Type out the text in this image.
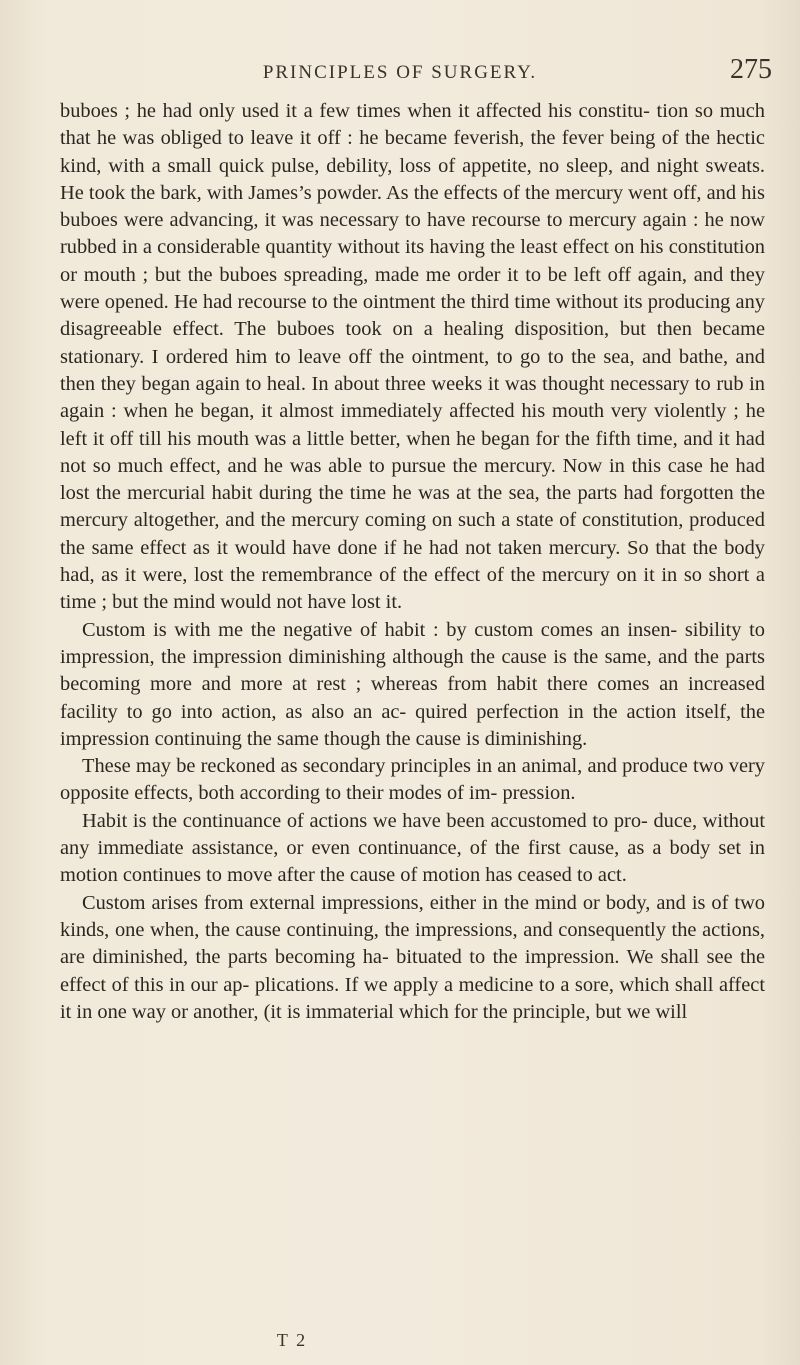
PRINCIPLES OF SURGERY.	275

buboes ; he had only used it a few times when it affected his constitu- tion so much that he was obliged to leave it off : he became feverish, the fever being of the hectic kind, with a small quick pulse, debility, loss of appetite, no sleep, and night sweats. He took the bark, with James’s powder. As the effects of the mercury went off, and his buboes were advancing, it was necessary to have recourse to mercury again : he now rubbed in a considerable quantity without its having the least effect on his constitution or mouth ; but the buboes spreading, made me order it to be left off again, and they were opened. He had recourse to the ointment the third time without its producing any disagreeable effect. The buboes took on a healing disposition, but then became stationary. I ordered him to leave off the ointment, to go to the sea, and bathe, and then they began again to heal. In about three weeks it was thought necessary to rub in again : when he began, it almost immediately affected his mouth very violently ; he left it off till his mouth was a little better, when he began for the fifth time, and it had not so much effect, and he was able to pursue the mercury. Now in this case he had lost the mercurial habit during the time he was at the sea, the parts had forgotten the mercury altogether, and the mercury coming on such a state of constitution, produced the same effect as it would have done if he had not taken mercury. So that the body had, as it were, lost the remembrance of the effect of the mercury on it in so short a time ; but the mind would not have lost it.

Custom is with me the negative of habit : by custom comes an insen- sibility to impression, the impression diminishing although the cause is the same, and the parts becoming more and more at rest ; whereas from habit there comes an increased facility to go into action, as also an ac- quired perfection in the action itself, the impression continuing the same though the cause is diminishing.

These may be reckoned as secondary principles in an animal, and produce two very opposite effects, both according to their modes of im- pression.

Habit is the continuance of actions we have been accustomed to pro- duce, without any immediate assistance, or even continuance, of the first cause, as a body set in motion continues to move after the cause of motion has ceased to act.

Custom arises from external impressions, either in the mind or body, and is of two kinds, one when, the cause continuing, the impressions, and consequently the actions, are diminished, the parts becoming ha- bituated to the impression. We shall see the effect of this in our ap- plications. If we apply a medicine to a sore, which shall affect it in one way or another, (it is immaterial which for the principle, but we will

T 2
